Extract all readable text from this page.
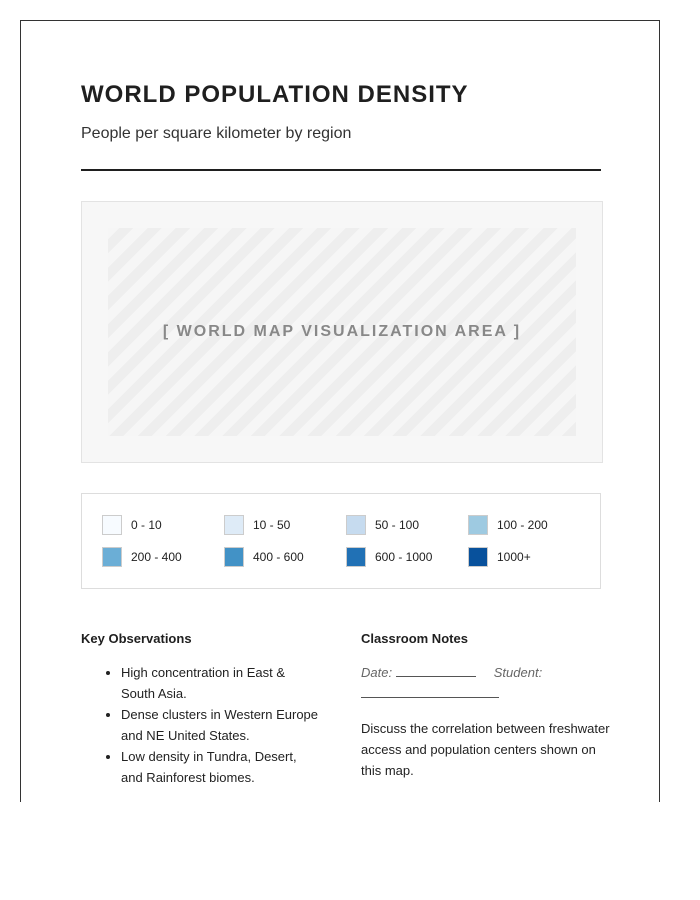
WORLD POPULATION DENSITY

People per square kilometer by region

[ WORLD MAP VISUALIZATION AREA ]
0 - 10	10 - 50	50 - 100	100 - 200
200 - 400	400 - 600	600 - 1000	1000+
Key Observations
• High concentration in East & South Asia.
• Dense clusters in Western Europe and NE United States.
• Low density in Tundra, Desert, and Rainforest biomes.
Classroom Notes
Date:	Student:

Discuss the correlation between freshwater access and population centers shown on this map.
